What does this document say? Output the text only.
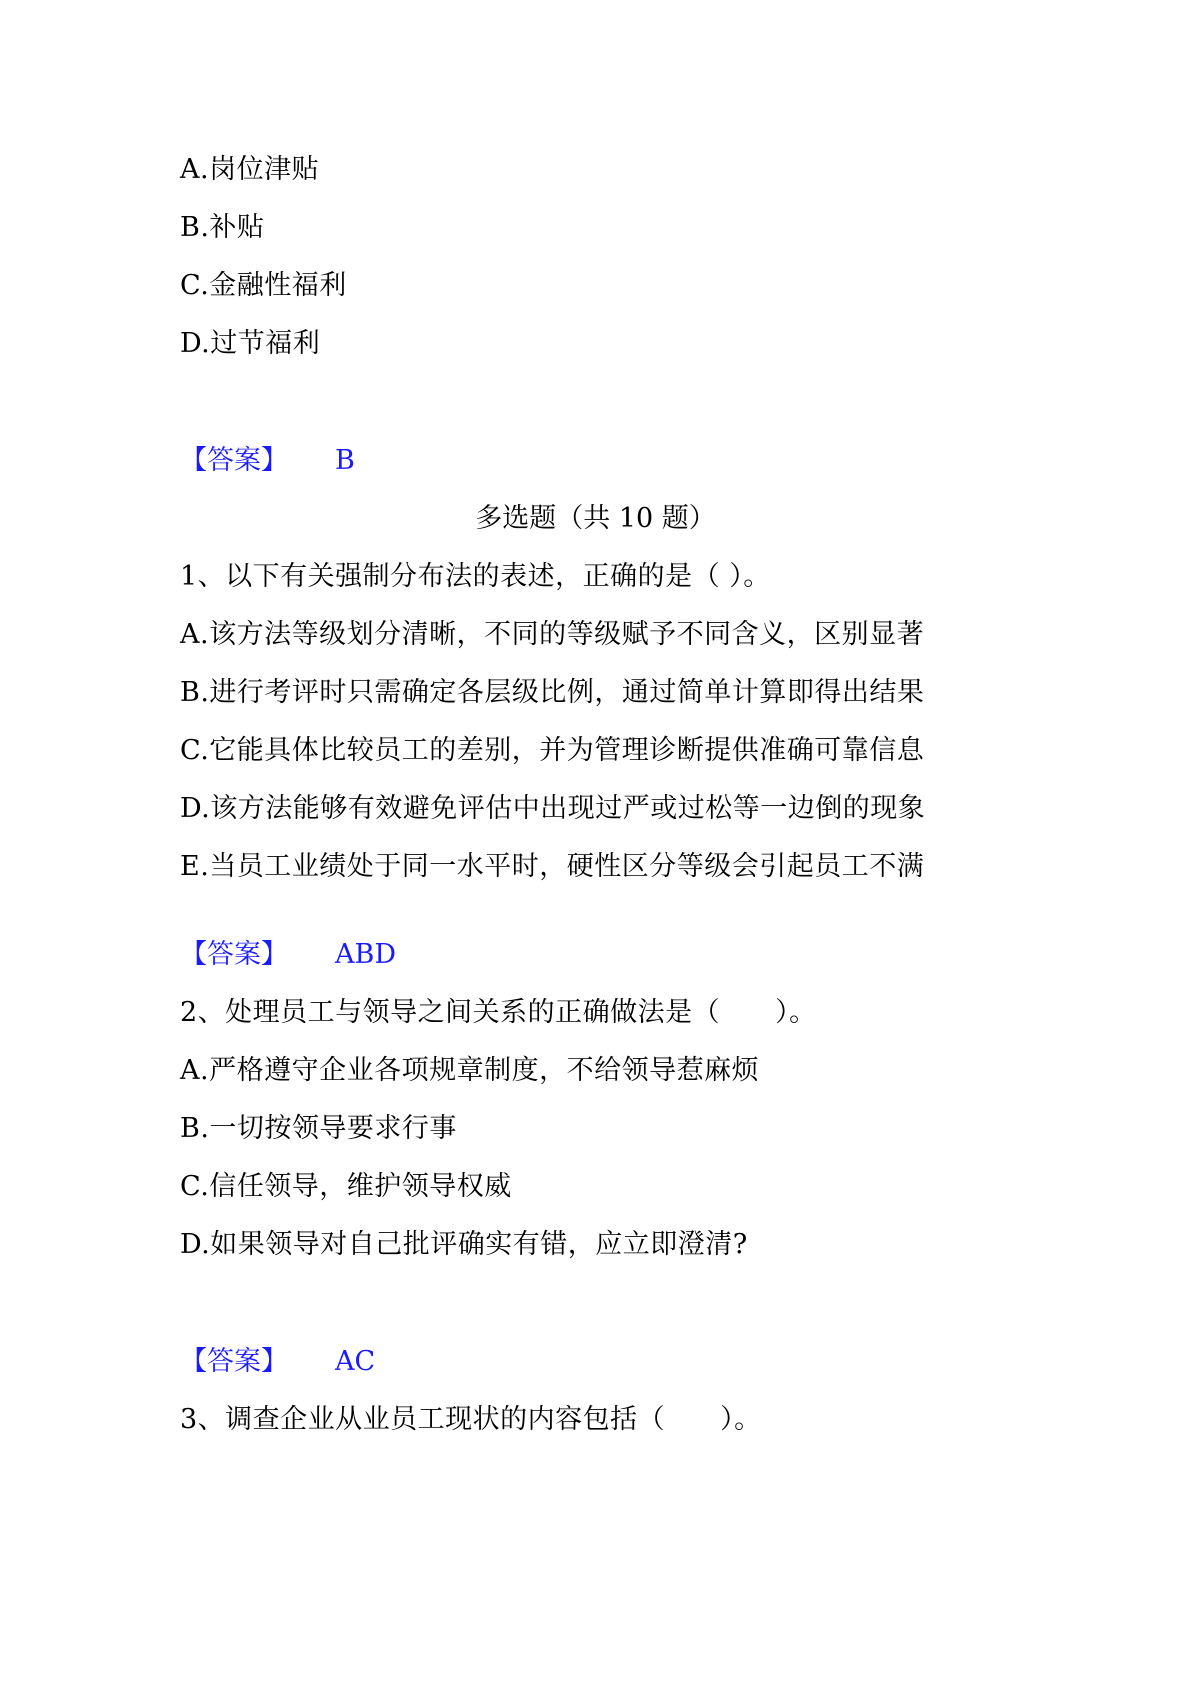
A.岗位津贴
B.补贴
C.金融性福利
D.过节福利
【答案】 B
多选题（共 10 题）
1、以下有关强制分布法的表述，正确的是（ ）。
A.该方法等级划分清晰，不同的等级赋予不同含义，区别显著
B.进行考评时只需确定各层级比例，通过简单计算即得出结果
C.它能具体比较员工的差别，并为管理诊断提供准确可靠信息
D.该方法能够有效避免评估中出现过严或过松等一边倒的现象
E.当员工业绩处于同一水平时，硬性区分等级会引起员工不满
【答案】 ABD
2、处理员工与领导之间关系的正确做法是（　　）。
A.严格遵守企业各项规章制度，不给领导惹麻烦
B.一切按领导要求行事
C.信任领导，维护领导权威
D.如果领导对自己批评确实有错，应立即澄清?
【答案】 AC
3、调查企业从业员工现状的内容包括（　　）。
